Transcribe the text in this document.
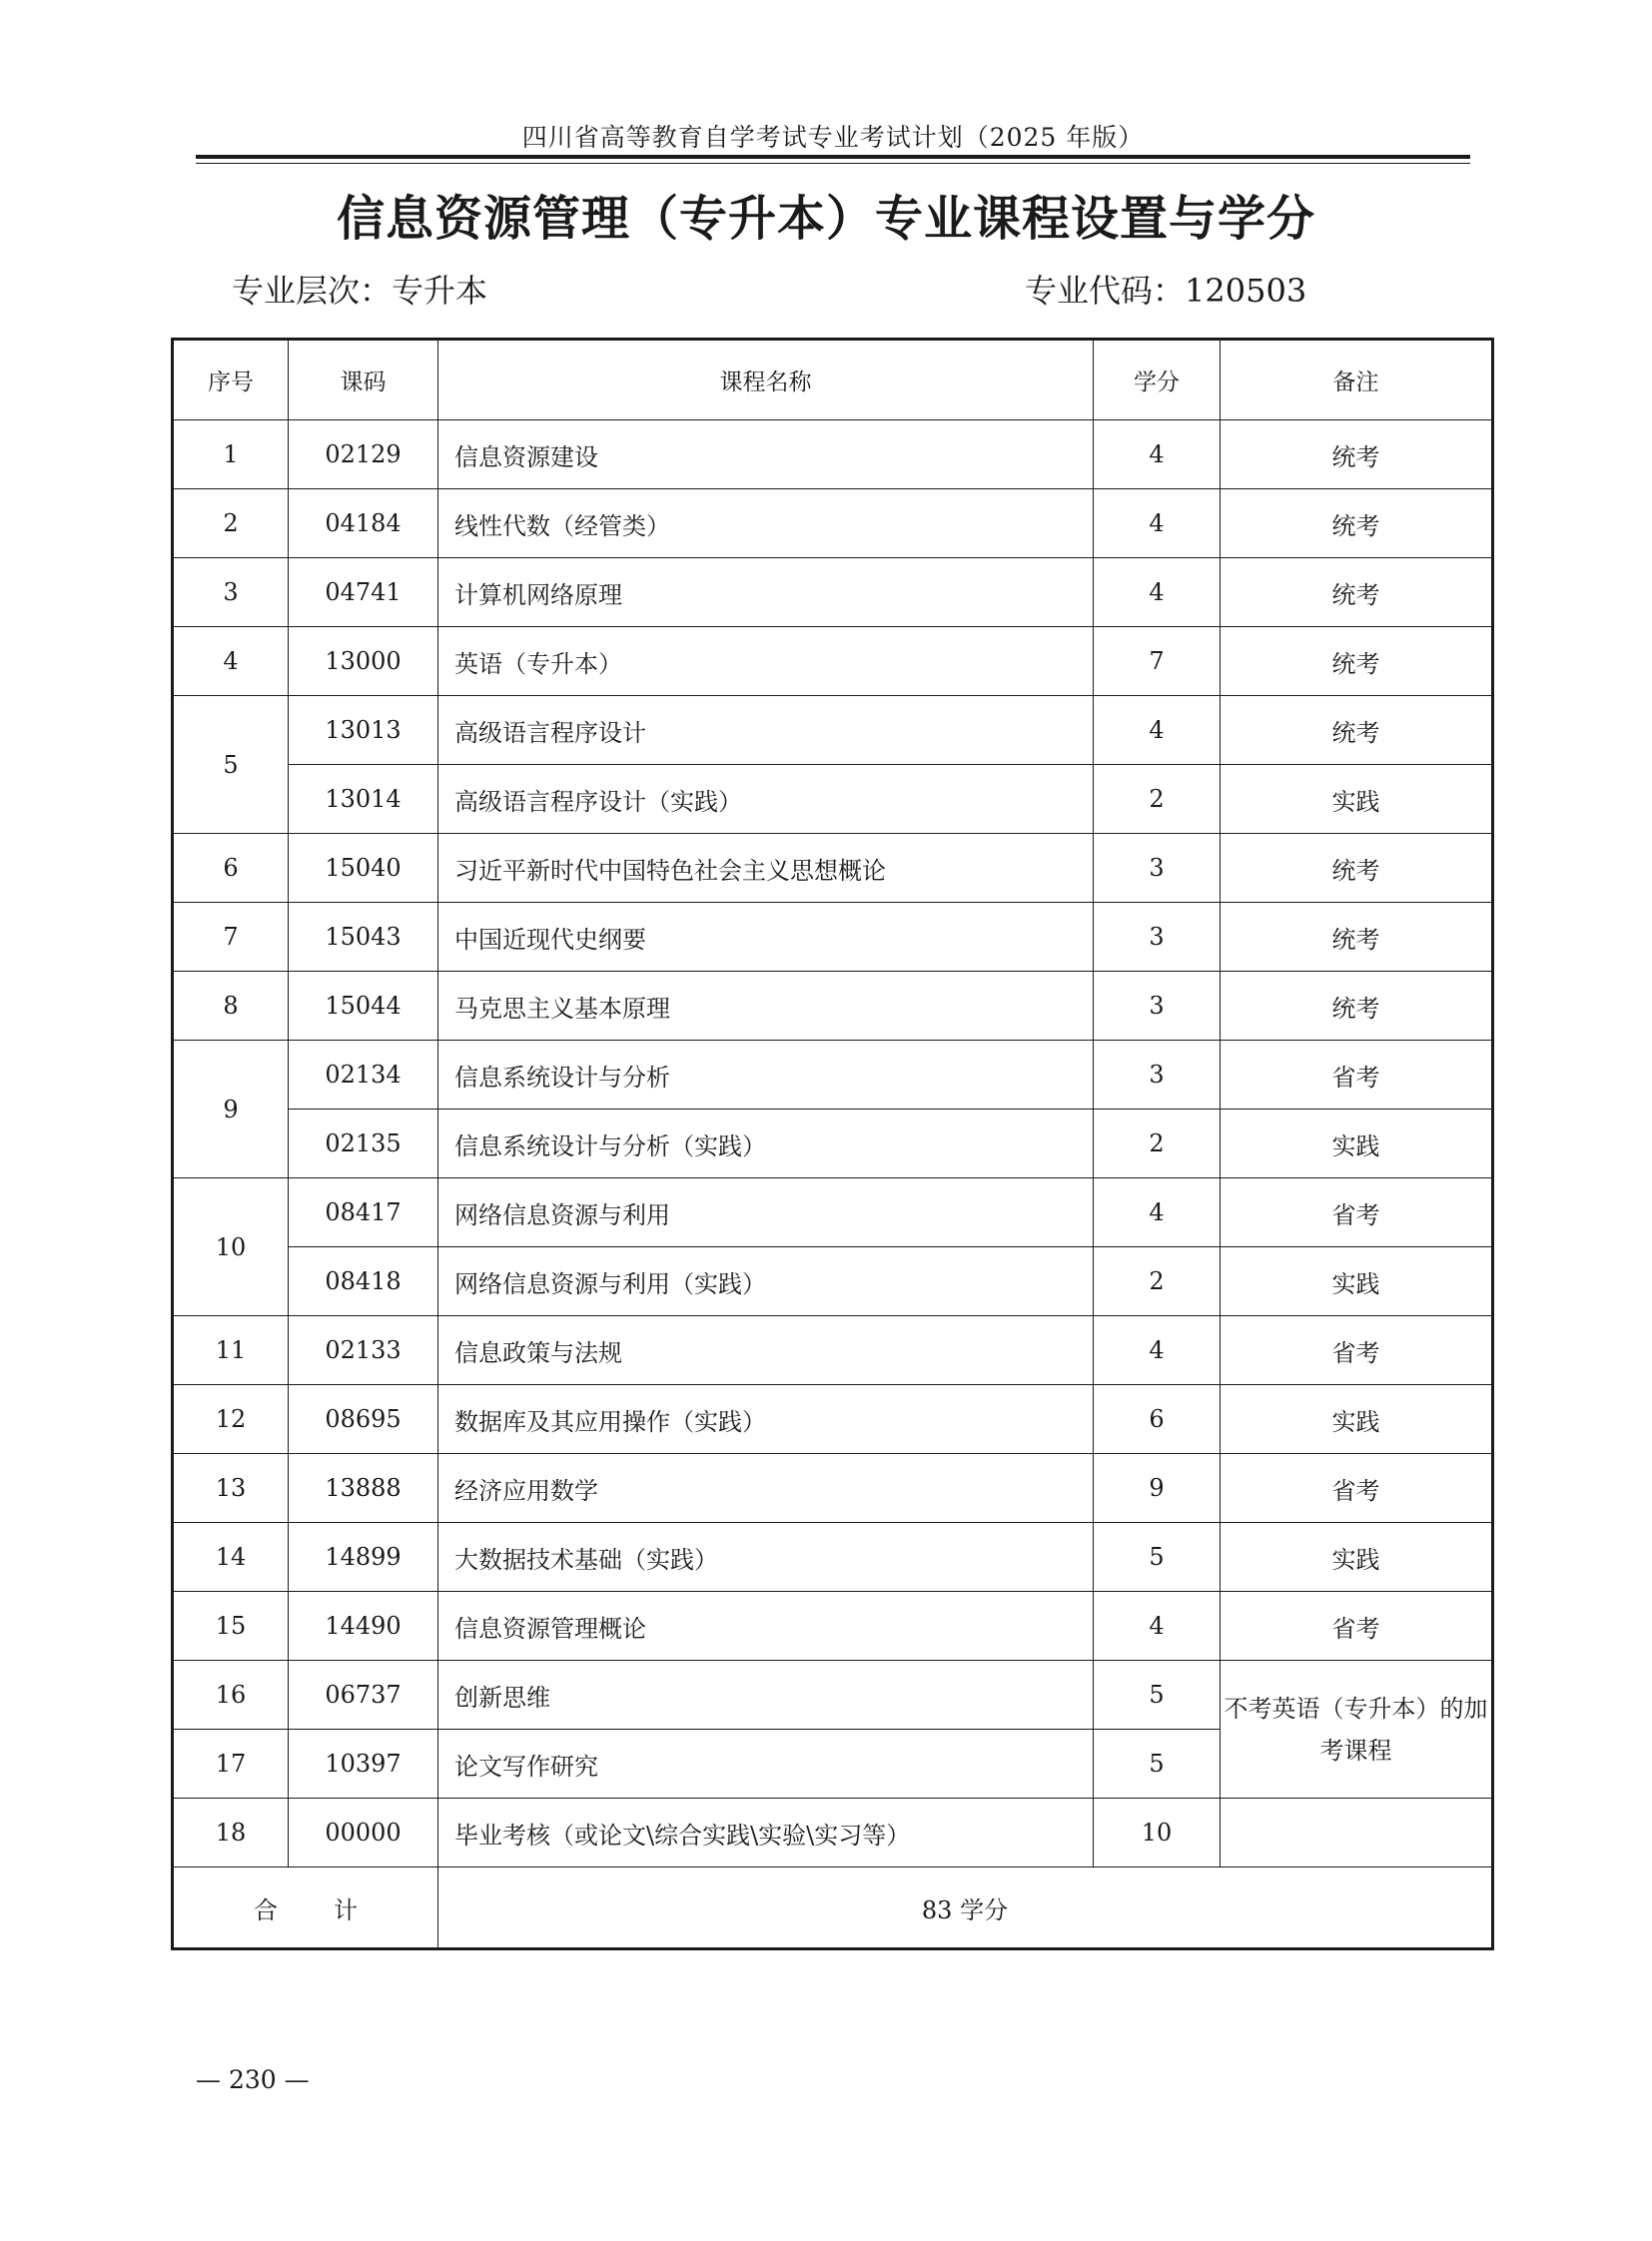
四川省高等教育自学考试专业考试计划（2025 年版）
信息资源管理（专升本）专业课程设置与学分
专业层次：专升本	专业代码：120503
序号	课码	课程名称	学分	备注
1	02129	信息资源建设	4	统考
2	04184	线性代数（经管类）	4	统考
3	04741	计算机网络原理	4	统考
4	13000	英语（专升本）	7	统考
5	13013	高级语言程序设计	4	统考
	13014	高级语言程序设计（实践）	2	实践
6	15040	习近平新时代中国特色社会主义思想概论	3	统考
7	15043	中国近现代史纲要	3	统考
8	15044	马克思主义基本原理	3	统考
9	02134	信息系统设计与分析	3	省考
	02135	信息系统设计与分析（实践）	2	实践
10	08417	网络信息资源与利用	4	省考
	08418	网络信息资源与利用（实践）	2	实践
11	02133	信息政策与法规	4	省考
12	08695	数据库及其应用操作（实践）	6	实践
13	13888	经济应用数学	9	省考
14	14899	大数据技术基础（实践）	5	实践
15	14490	信息资源管理概论	4	省考
16	06737	创新思维	5	不考英语（专升本）的加考课程
17	10397	论文写作研究	5	
18	00000	毕业考核（或论文\综合实践\实验\实习等）	10	
合计		83 学分		
— 230 —
